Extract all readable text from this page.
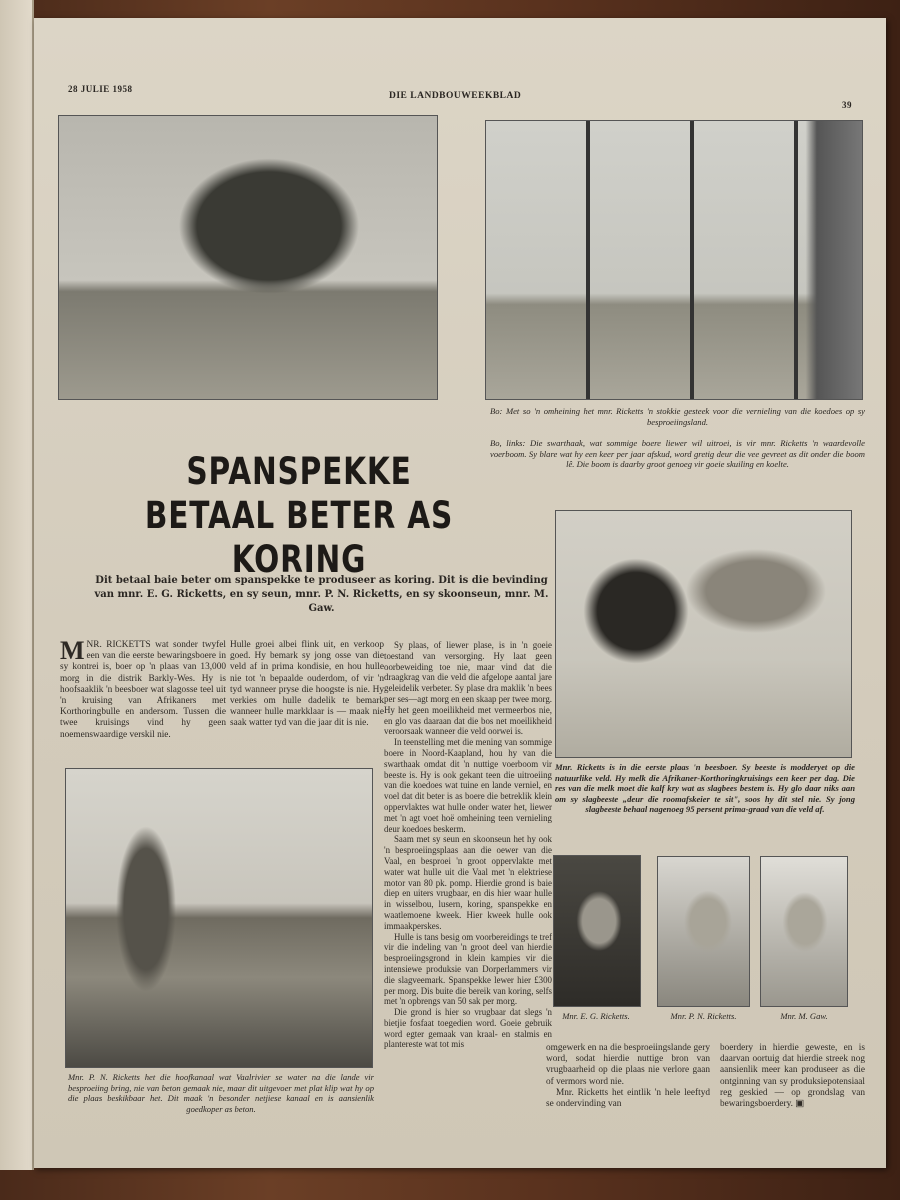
28 JULIE 1958
DIE LANDBOUWEEKBLAD
39
Bo: Met so 'n omheining het mnr. Ricketts 'n stokkie gesteek voor die vernieling van die koedoes op sy besproeiingsland.
Bo, links: Die swarthaak, wat sommige boere liewer wil uitroei, is vir mnr. Ricketts 'n waardevolle voerboom. Sy blare wat hy een keer per jaar afskud, word gretig deur die vee gevreet as dit onder die boom lê. Die boom is daarby groot genoeg vir goeie skuiling en koelte.
SPANSPEKKE BETAAL BETER AS KORING
Dit betaal baie beter om spanspekke te produseer as koring. Dit is die bevinding van mnr. E. G. Ricketts, en sy seun, mnr. P. N. Ricketts, en sy skoonseun, mnr. M. Gaw.
Mnr. Ricketts is in die eerste plaas 'n beesboer. Sy beeste is modderyet op die natuurlike veld. Hy melk die Afrikaner-Korthoringkruisings een keer per dag. Die res van die melk moet die kalf kry wat as slagbees bestem is. Hy glo daar niks aan om sy slagbeeste „deur die roomafskeier te sit", soos hy dit stel nie. Sy jong slagbeeste behaal nagenoeg 95 persent prima-graad van die veld af.
Mnr. E. G. Ricketts.	Mnr. P. N. Ricketts.	Mnr. M. Gaw.
Mnr. P. N. Ricketts het die hoofkanaal wat Vaalrivier se water na die lande vir besproeiing bring, nie van beton gemaak nie, maar dit uitgevoer met plat klip wat hy op die plaas beskikbaar het. Dit maak 'n besonder netjiese kanaal en is aansienlik goedkoper as beton.
MNR. RICKETTS wat sonder twyfel een van die eerste bewaringsboere in sy kontrei is, boer op 'n plaas van 13,000 morg in die distrik Barkly-Wes. Hy is hoofsaaklik 'n beesboer wat slagosse teel uit 'n kruising van Afrikaners met Korthoringbulle en andersom. Tussen die twee kruisings vind hy geen noemenswaardige verskil nie.
Hulle groei albei flink uit, en verkoop goed. Hy bemark sy jong osse van die veld af in prima kondisie, en hou hulle nie tot 'n bepaalde ouderdom, of vir 'n tyd wanneer pryse die hoogste is nie. Hy verkies om hulle dadelik te bemark wanneer hulle markklaar is — maak nie saak watter tyd van die jaar dit is nie.

Sy plaas, of liewer plase, is in 'n goeie toestand van versorging. Hy laat geen oorbeweiding toe nie, maar vind dat die draagkrag van die veld die afgelope aantal jare geleidelik verbeter. Sy plase dra maklik 'n bees per ses—agt morg en een skaap per twee morg. Hy het geen moeilikheid met vermeerbos nie, en glo vas daaraan dat die bos net moeilikheid veroorsaak wanneer die veld oorwei is.

In teenstelling met die mening van sommige boere in Noord-Kaapland, hou hy van die swarthaak omdat dit 'n nuttige voerboom vir beeste is. Hy is ook gekant teen die uitroeiing van die koedoes wat tuine en lande verniel, en voel dat dit beter is as boere die betreklik klein oppervlaktes wat hulle onder water het, liewer met 'n agt voet hoë omheining teen vernieling deur koedoes beskerm.

Saam met sy seun en skoonseun het hy ook 'n besproeiingsplaas aan die oewer van die Vaal, en besproei 'n groot oppervlakte met water wat hulle uit die Vaal met 'n elektriese motor van 80 pk. pomp. Hierdie grond is baie diep en uiters vrugbaar, en dis hier waar hulle in wisselbou, lusern, koring, spanspekke en waatlemoene kweek. Hier kweek hulle ook immaakperskes.

Hulle is tans besig om voorbereidings te tref vir die indeling van 'n groot deel van hierdie besproeiingsgrond in klein kampies vir die intensiewe produksie van Dorperlammers vir die slagveemark. Spanspekke lewer hier £300 per morg. Dis buite die bereik van koring, selfs met 'n opbrengs van 50 sak per morg.

Die grond is hier so vrugbaar dat slegs 'n bietjie fosfaat toegedien word. Goeie gebruik word egter gemaak van kraal- en stalmis en plantereste wat tot mis	omgewerk en na die besproeiingslande gery word, sodat hierdie nuttige bron van vrugbaarheid op die plaas nie verlore gaan of vermors word nie.

Mnr. Ricketts het eintlik 'n hele leeftyd se ondervinding van

boerdery in hierdie geweste, en is daarvan oortuig dat hierdie streek nog aansienlik meer kan produseer as die ontginning van sy produksiepotensiaal reg geskied — op grondslag van bewaringsboerdery. ▣
